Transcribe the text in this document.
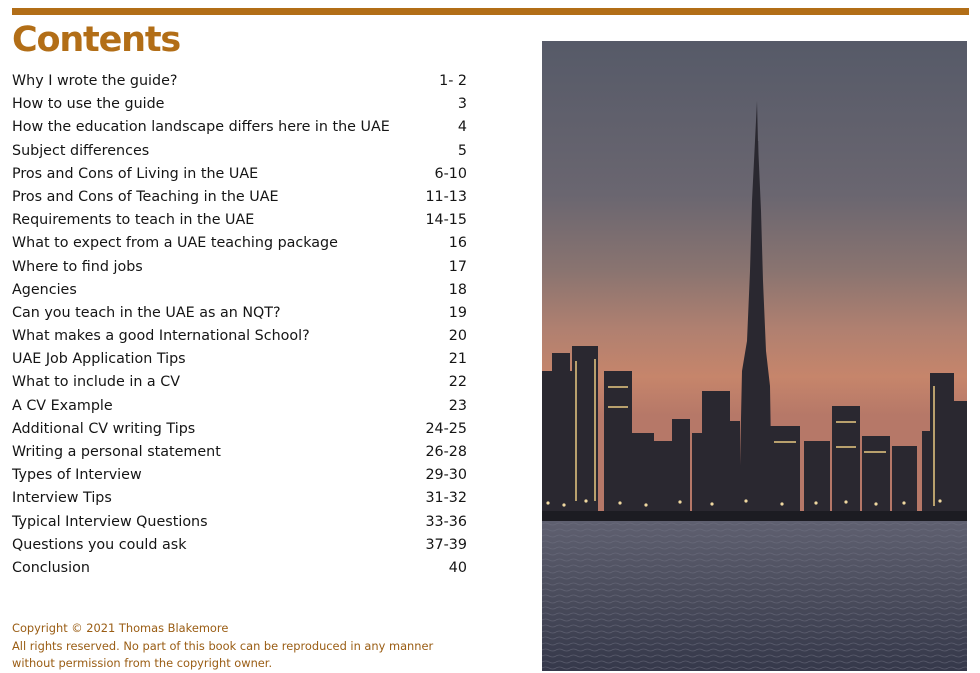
Contents
Why I wrote the guide?	1- 2
How to use the guide	3
How the education landscape differs here in the UAE	4
Subject differences	5
Pros and Cons of Living in the UAE	6-10
Pros and Cons of Teaching in the UAE	11-13
Requirements to teach in the UAE	14-15
What to expect from a UAE teaching package	16
Where to find jobs	17
Agencies	18
Can you teach in the UAE as an NQT?	19
What makes a good International School?	20
UAE Job Application Tips	21
What to include in a CV	22
A CV Example	23
Additional CV writing Tips	24-25
Writing a personal statement	26-28
Types of Interview	29-30
Interview Tips	31-32
Typical Interview Questions	33-36
Questions you could ask	37-39
Conclusion	40
Copyright © 2021 Thomas Blakemore
All rights reserved. No part of this book can be reproduced in any manner
without permission from the copyright owner.
